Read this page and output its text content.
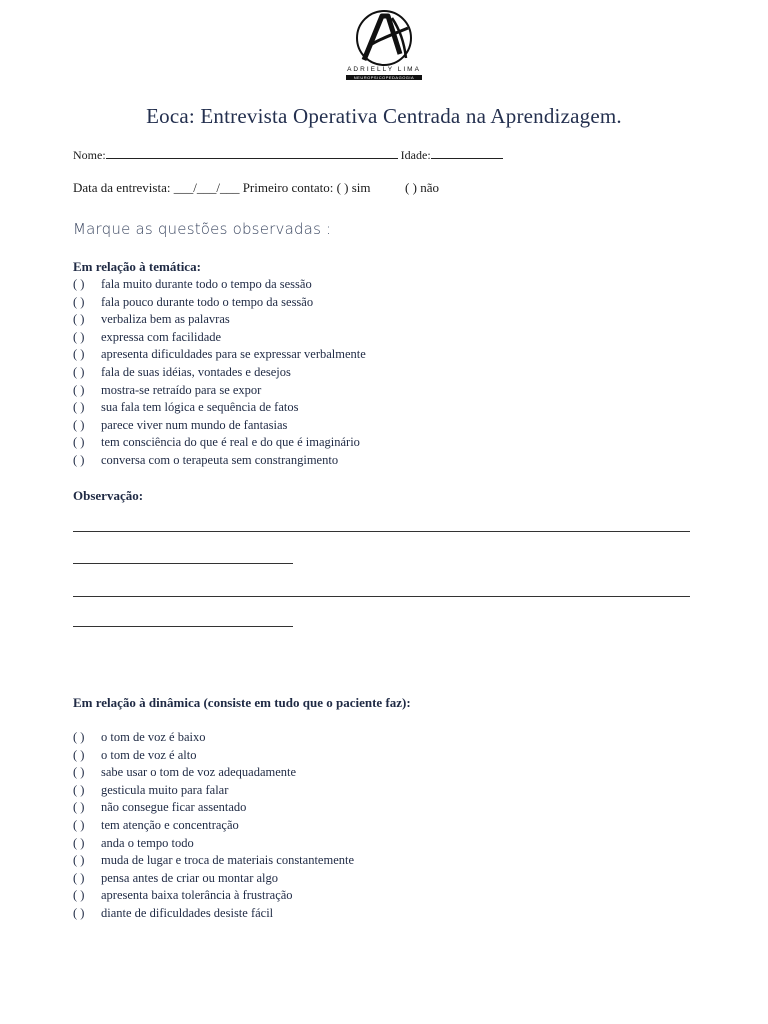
ADRIELLY LIMA
NEUROPSICOPEDAGOGIA
Eoca: Entrevista Operativa Centrada na Aprendizagem.
Nome:	Idade:
Data da entrevista: ___/___/___ Primeiro contato: ( ) sim	( ) não
Marque as questões observadas :
Em relação à temática:
( ) fala muito durante todo o tempo da sessão
( ) fala pouco durante todo o tempo da sessão
( ) verbaliza bem as palavras
( ) expressa com facilidade
( ) apresenta dificuldades para se expressar verbalmente
( ) fala de suas idéias, vontades e desejos
( ) mostra-se retraído para se expor
( ) sua fala tem lógica e sequência de fatos
( ) parece viver num mundo de fantasias
( ) tem consciência do que é real e do que é imaginário
( ) conversa com o terapeuta sem constrangimento
Observação:
Em relação à dinâmica (consiste em tudo que o paciente faz):
( ) o tom de voz é baixo
( ) o tom de voz é alto
( ) sabe usar o tom de voz adequadamente
( ) gesticula muito para falar
( ) não consegue ficar assentado
( ) tem atenção e concentração
( ) anda o tempo todo
( ) muda de lugar e troca de materiais constantemente
( ) pensa antes de criar ou montar algo
( ) apresenta baixa tolerância à frustração
( ) diante de dificuldades desiste fácil
